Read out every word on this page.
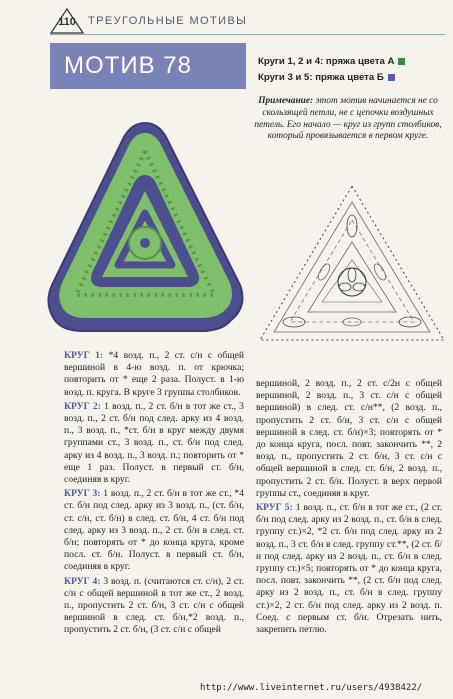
110	ТРЕУГОЛЬНЫЕ МОТИВЫ
МОТИВ 78	Круги 1, 2 и 4: пряжа цвета А
Круги 3 и 5: пряжа цвета Б
Примечание: этот мотив начинается не со скользящей петли, не с цепочки воздушных петель. Его начало — круг из групп столбиков, который провязывается в первом круге.

КРУГ 1: *4 возд. п., 2 ст. с/н с общей вершиной в 4-ю возд. п. от крючка; повторить от * еще 2 раза. Полуст. в 1-ю возд. п. круга. В круге 3 группы столбиков.

КРУГ 2: 1 возд. п., 2 ст. б/н в тот же ст., 3 возд. п., 2 ст. б/н под след. арку из 4 возд. п., 3 возд. п., *ст. б/н в круг между двумя группами ст., 3 возд. п., ст. б/н под след. арку из 4 возд. п., 3 возд. п.; повторить от * еще 1 раз. Полуст. в первый ст. б/н, соединяя в круг.

КРУГ 3: 1 возд. п., 2 ст. б/н в тот же ст., *4 ст. б/н под след. арку из 3 возд. п., (ст. б/н, ст. с/н, ст. б/н) в след. ст. б/н, 4 ст. б/н под след. арку из 3 возд. п., 2 ст. б/н в след. ст. б/н; повторять от * до конца круга, кроме посл. ст. б/н. Полуст. в первый ст. б/н, соединяя в круг.

КРУГ 4: 3 возд. п. (считаются ст. с/н), 2 ст. с/н с общей вершиной в тот же ст., 2 возд. п., пропустить 2 ст. б/н, 3 ст. с/н с общей вершиной в след. ст. б/н,*2 возд. п., пропустить 2 ст. б/н, (3 ст. с/н с общей

вершиной, 2 возд. п., 2 ст. с/2н с общей вершиной, 2 возд. п., 3 ст. с/н с общей вершиной) в след. ст. с/н**, (2 возд. п., пропустить 2 ст. б/н, 3 ст. с/н с общей вершиной в след. ст. б/н)×3; повторять от * до конца круга, посл. повт. закончить **, 2 возд. п., пропустить 2 ст. б/н, 3 ст. с/н с общей вершиной в след. ст. б/н, 2 возд. п., пропустить 2 ст. б/н. Полуст. в верх первой группы ст., соединяя в круг.

КРУГ 5: 1 возд. п., ст. б/н в тот же ст., (2 ст. б/н под след. арку из 2 возд. п., ст. б/н в след. группу ст.)×2, *2 ст. б/н под след. арку из 2 возд. п., 3 ст. б/н в след. группу ст.**, (2 ст. б/н под след. арку из 2 возд. п., ст. б/н в след. группу ст.)×5; повторять от * до конца круга, посл. повт. закончить **, (2 ст. б/н под след. арку из 2 возд. п., ст. б/н в след. группу ст.)×2, 2 ст. б/н под след. арку из 2 возд. п. Соед. с первым ст. б/н. Отрезать нить, закрепить петлю.

http://www.liveinternet.ru/users/4938422/
